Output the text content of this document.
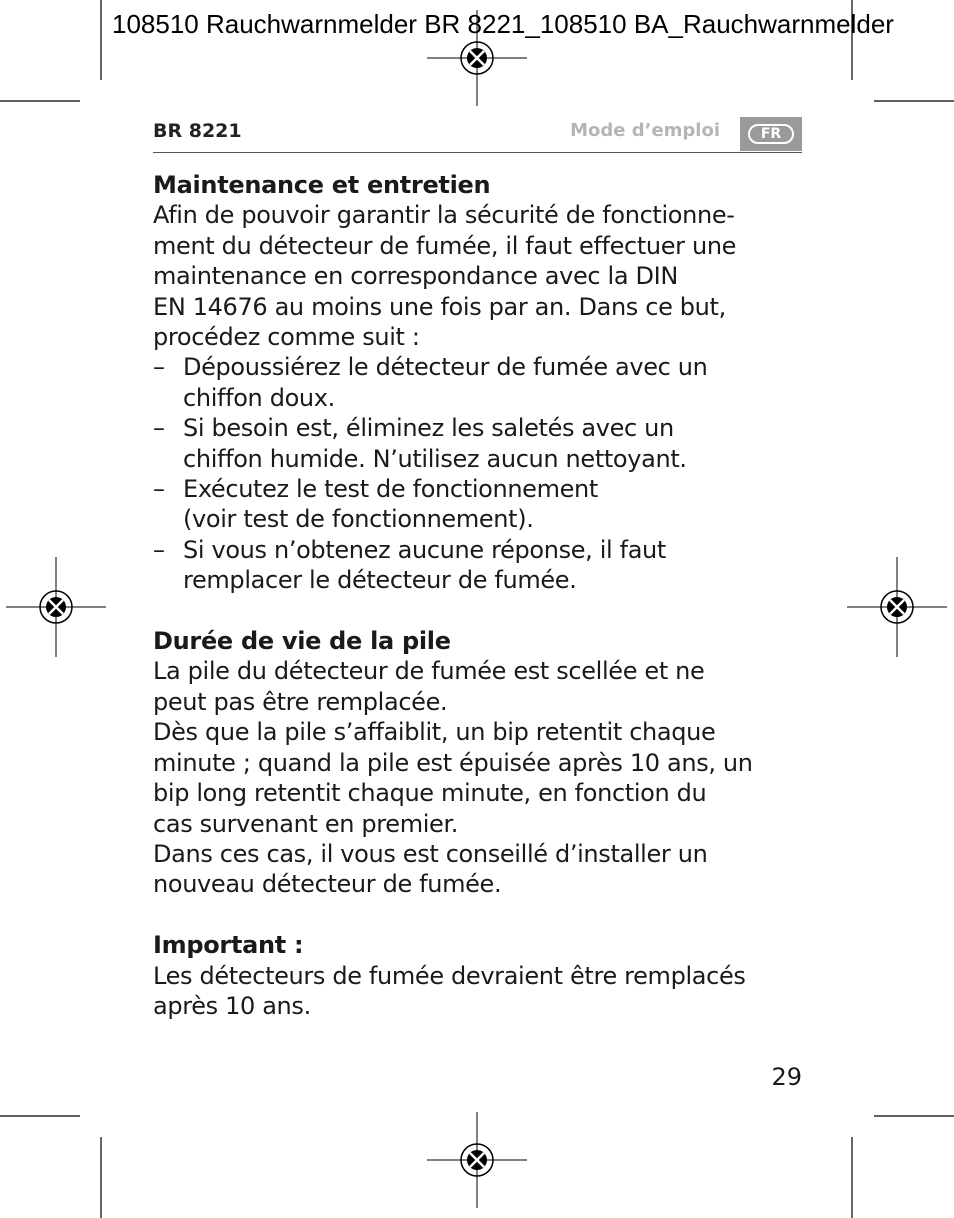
108510 Rauchwarnmelder BR 8221_108510 BA_Rauchwarnmelder
BR 8221	Mode d’emploi	FR
Maintenance et entretien

Afin de pouvoir garantir la sécurité de fonctionne-

ment du détecteur de fumée, il faut effectuer une

maintenance en correspondance avec la DIN

EN 14676 au moins une fois par an. Dans ce but,

procédez comme suit :

– Dépoussiérez le détecteur de fumée avec un
chiffon doux.
– Si besoin est, éliminez les saletés avec un
chiffon humide. N’utilisez aucun nettoyant.
– Exécutez le test de fonctionnement
(voir test de fonctionnement).
– Si vous n’obtenez aucune réponse, il faut
remplacer le détecteur de fumée.
Durée de vie de la pile

La pile du détecteur de fumée est scellée et ne

peut pas être remplacée.

Dès que la pile s’affaiblit, un bip retentit chaque

minute ; quand la pile est épuisée après 10 ans, un

bip long retentit chaque minute, en fonction du

cas survenant en premier.

Dans ces cas, il vous est conseillé d’installer un

nouveau détecteur de fumée.

Important :

Les détecteurs de fumée devraient être remplacés

après 10 ans.

29
